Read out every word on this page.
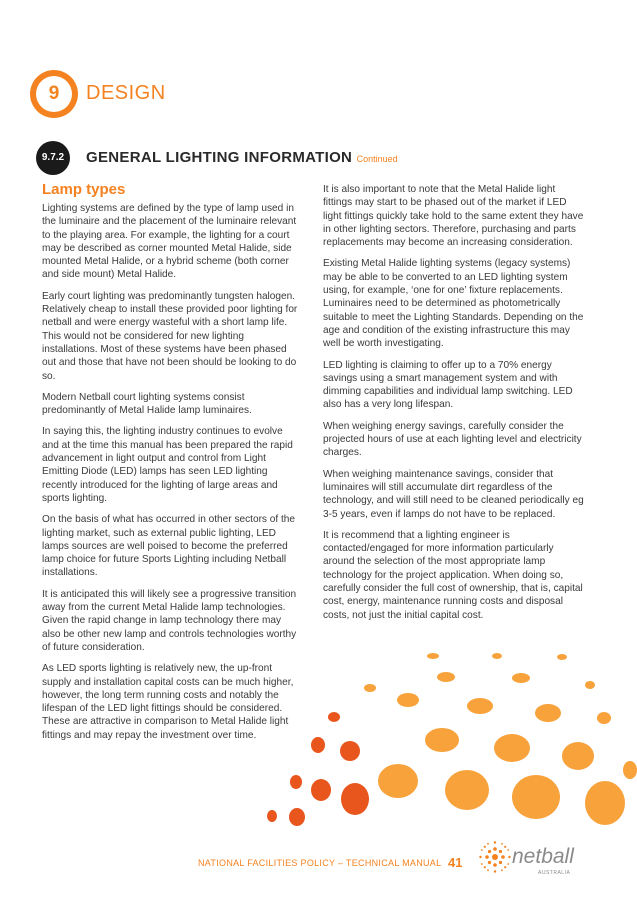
9	DESIGN
9.7.2	GENERAL LIGHTING INFORMATION Continued
Lamp types

Lighting systems are defined by the type of lamp used in the luminaire and the placement of the luminaire relevant to the playing area. For example, the lighting for a court may be described as corner mounted Metal Halide, side mounted Metal Halide, or a hybrid scheme (both corner and side mount) Metal Halide.

Early court lighting was predominantly tungsten halogen. Relatively cheap to install these provided poor lighting for netball and were energy wasteful with a short lamp life. This would not be considered for new lighting installations. Most of these systems have been phased out and those that have not been should be looking to do so.

Modern Netball court lighting systems consist predominantly of Metal Halide lamp luminaires.

In saying this, the lighting industry continues to evolve and at the time this manual has been prepared the rapid advancement in light output and control from Light Emitting Diode (LED) lamps has seen LED lighting recently introduced for the lighting of large areas and sports lighting.

On the basis of what has occurred in other sectors of the lighting market, such as external public lighting, LED lamps sources are well poised to become the preferred lamp choice for future Sports Lighting including Netball installations.

It is anticipated this will likely see a progressive transition away from the current Metal Halide lamp technologies. Given the rapid change in lamp technology there may also be other new lamp and controls technologies worthy of future consideration.

As LED sports lighting is relatively new, the up-front supply and installation capital costs can be much higher, however, the long term running costs and notably the lifespan of the LED light fittings should be considered. These are attractive in comparison to Metal Halide light fittings and may repay the investment over time.

It is also important to note that the Metal Halide light fittings may start to be phased out of the market if LED light fittings quickly take hold to the same extent they have in other lighting sectors. Therefore, purchasing and parts replacements may become an increasing consideration.

Existing Metal Halide lighting systems (legacy systems) may be able to be converted to an LED lighting system using, for example, ‘one for one’ fixture replacements. Luminaires need to be determined as photometrically suitable to meet the Lighting Standards. Depending on the age and condition of the existing infrastructure this may well be worth investigating.

LED lighting is claiming to offer up to a 70% energy savings using a smart management system and with dimming capabilities and individual lamp switching. LED also has a very long lifespan.

When weighing energy savings, carefully consider the projected hours of use at each lighting level and electricity charges.

When weighing maintenance savings, consider that luminaires will still accumulate dirt regardless of the technology, and will still need to be cleaned periodically eg 3-5 years, even if lamps do not have to be replaced.

It is recommend that a lighting engineer is contacted/engaged for more information particularly around the selection of the most appropriate lamp technology for the project application. When doing so, carefully consider the full cost of ownership, that is, capital cost, energy, maintenance running costs and disposal costs, not just the initial capital cost.

NATIONAL FACILITIES POLICY – TECHNICAL MANUAL 41 netball
AUSTRALIA
